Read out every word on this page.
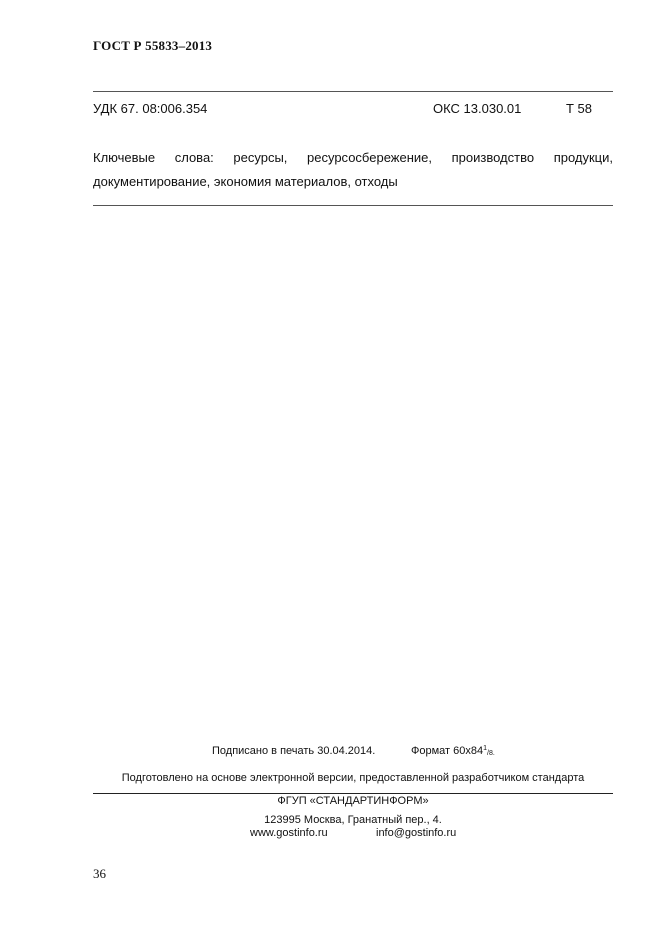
ГОСТ Р 55833–2013
УДК 67. 08:006.354	ОКС 13.030.01	Т 58
Ключевые слова: ресурсы, ресурсосбережение, производство продукци,
документирование, экономия материалов, отходы
Подписано в печать 30.04.2014.	Формат $60x84^1_{/8.}$
Подготовлено на основе электронной версии, предоставленной разработчиком стандарта
ФГУП «СТАНДАРТИНФОРМ»
123995 Москва, Гранатный пер., 4.
www.gostinfo.ru	info@gostinfo.ru
36
